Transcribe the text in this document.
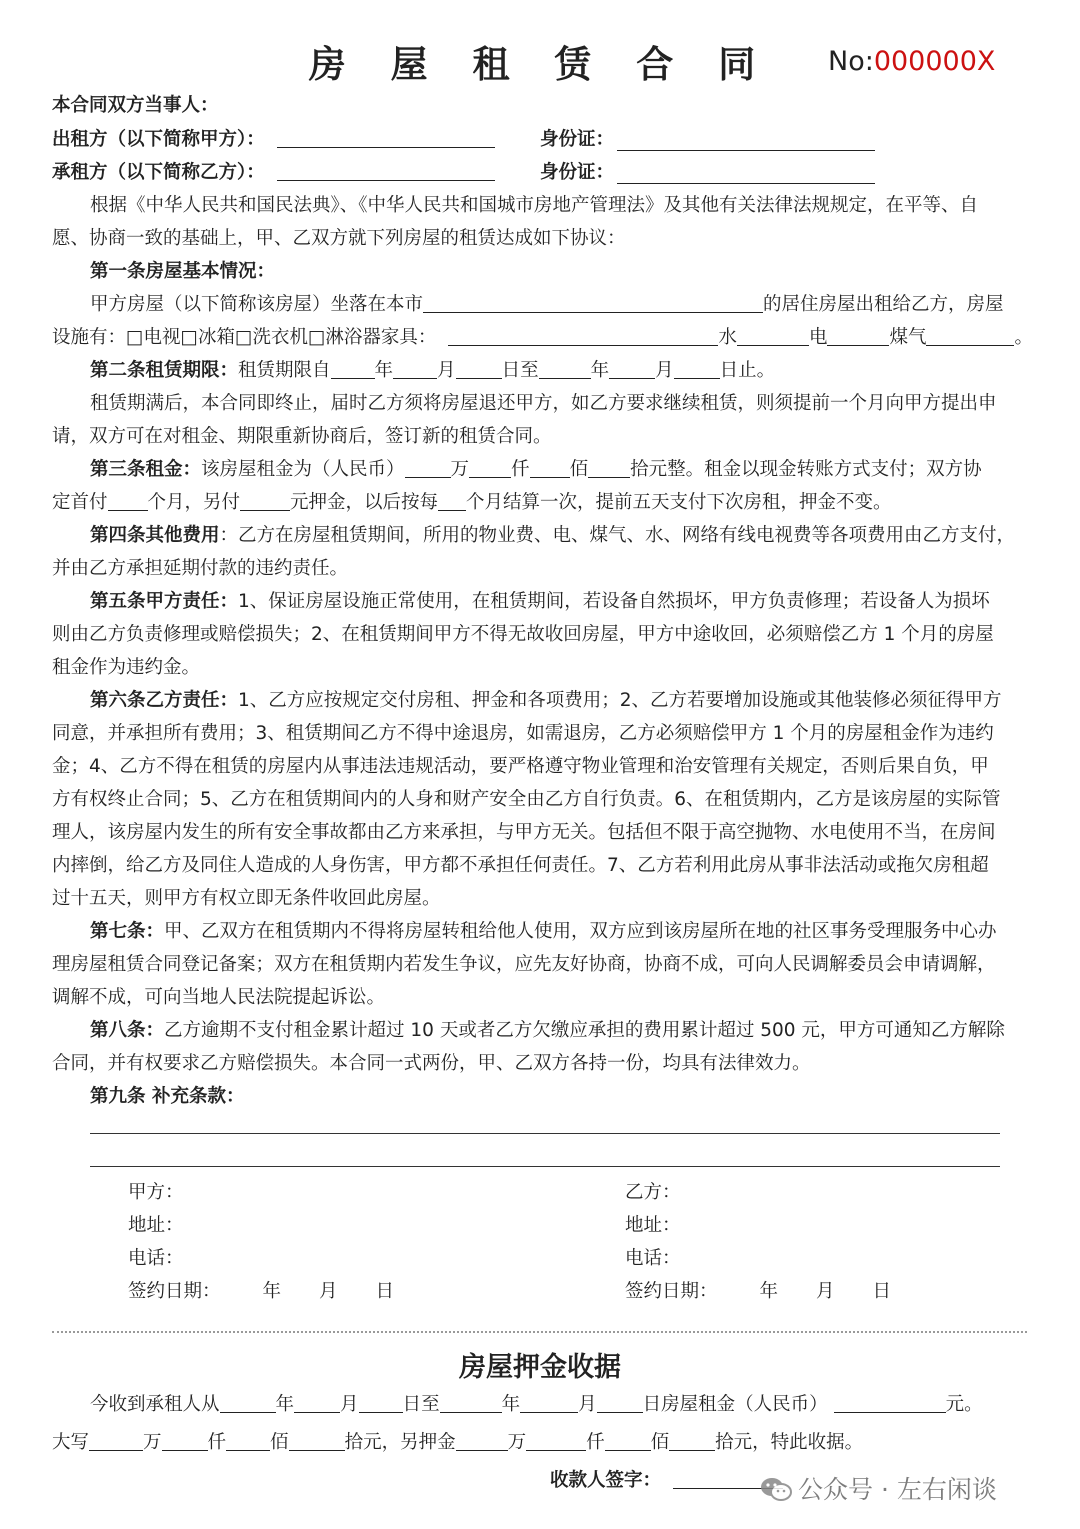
房 屋 租 赁 合 同	No:000000X
本合同双方当事人：
出租方（以下简称甲方）：	身份证：
承租方（以下简称乙方）：	身份证：
根据《中华人民共和国民法典》、《中华人民共和国城市房地产管理法》及其他有关法律法规规定，在平等、自
愿、协商一致的基础上，甲、乙双方就下列房屋的租赁达成如下协议：
第一条房屋基本情况：
甲方房屋（以下简称该房屋）坐落在本市	的居住房屋出租给乙方，房屋
设施有：□电视□冰箱□洗衣机□淋浴器家具：	水	电	煤气	。
第二条租赁期限：租赁期限自 年 月 日至	年 月 日止。
租赁期满后，本合同即终止，届时乙方须将房屋退还甲方，如乙方要求继续租赁，则须提前一个月向甲方提出申
请，双方可在对租金、期限重新协商后，签订新的租赁合同。
第三条租金：该房屋租金为（人民币） 万 仟 佰 拾元整。租金以现金转账方式支付；双方协
定首付 个月，另付	元押金，以后按每 个月结算一次，提前五天支付下次房租，押金不变。
第四条其他费用：乙方在房屋租赁期间，所用的物业费、电、煤气、水、网络有线电视费等各项费用由乙方支付，
并由乙方承担延期付款的违约责任。
第五条甲方责任：1、保证房屋设施正常使用，在租赁期间，若设备自然损坏，甲方负责修理；若设备人为损坏
则由乙方负责修理或赔偿损失；2、在租赁期间甲方不得无故收回房屋，甲方中途收回，必须赔偿乙方 1 个月的房屋
租金作为违约金。
第六条乙方责任：1、乙方应按规定交付房租、押金和各项费用；2、乙方若要增加设施或其他装修必须征得甲方
同意，并承担所有费用；3、租赁期间乙方不得中途退房，如需退房，乙方必须赔偿甲方 1 个月的房屋租金作为违约
金；4、乙方不得在租赁的房屋内从事违法违规活动，要严格遵守物业管理和治安管理有关规定，否则后果自负，甲
方有权终止合同；5、乙方在租赁期间内的人身和财产安全由乙方自行负责。6、在租赁期内，乙方是该房屋的实际管
理人，该房屋内发生的所有安全事故都由乙方来承担，与甲方无关。包括但不限于高空抛物、水电使用不当，在房间
内摔倒，给乙方及同住人造成的人身伤害，甲方都不承担任何责任。7、乙方若利用此房从事非法活动或拖欠房租超
过十五天，则甲方有权立即无条件收回此房屋。
第七条：甲、乙双方在租赁期内不得将房屋转租给他人使用，双方应到该房屋所在地的社区事务受理服务中心办
理房屋租赁合同登记备案；双方在租赁期内若发生争议，应先友好协商，协商不成，可向人民调解委员会申请调解，
调解不成，可向当地人民法院提起诉讼。
第八条：乙方逾期不支付租金累计超过 10 天或者乙方欠缴应承担的费用累计超过 500 元，甲方可通知乙方解除
合同，并有权要求乙方赔偿损失。本合同一式两份，甲、乙双方各持一份，均具有法律效力。
第九条 补充条款：
甲方：
地址：
电话：
签约日期： 年 月 日
乙方：
地址：
电话：
签约日期： 年 月 日
房屋押金收据
今收到承租人从	年 月 日至	年	月 日房屋租金（人民币）	元。
大写	万 仟 佰	拾元，另押金	万	仟 佰 拾元，特此收据。
收款人签字：	公众号 · 左右闲谈
